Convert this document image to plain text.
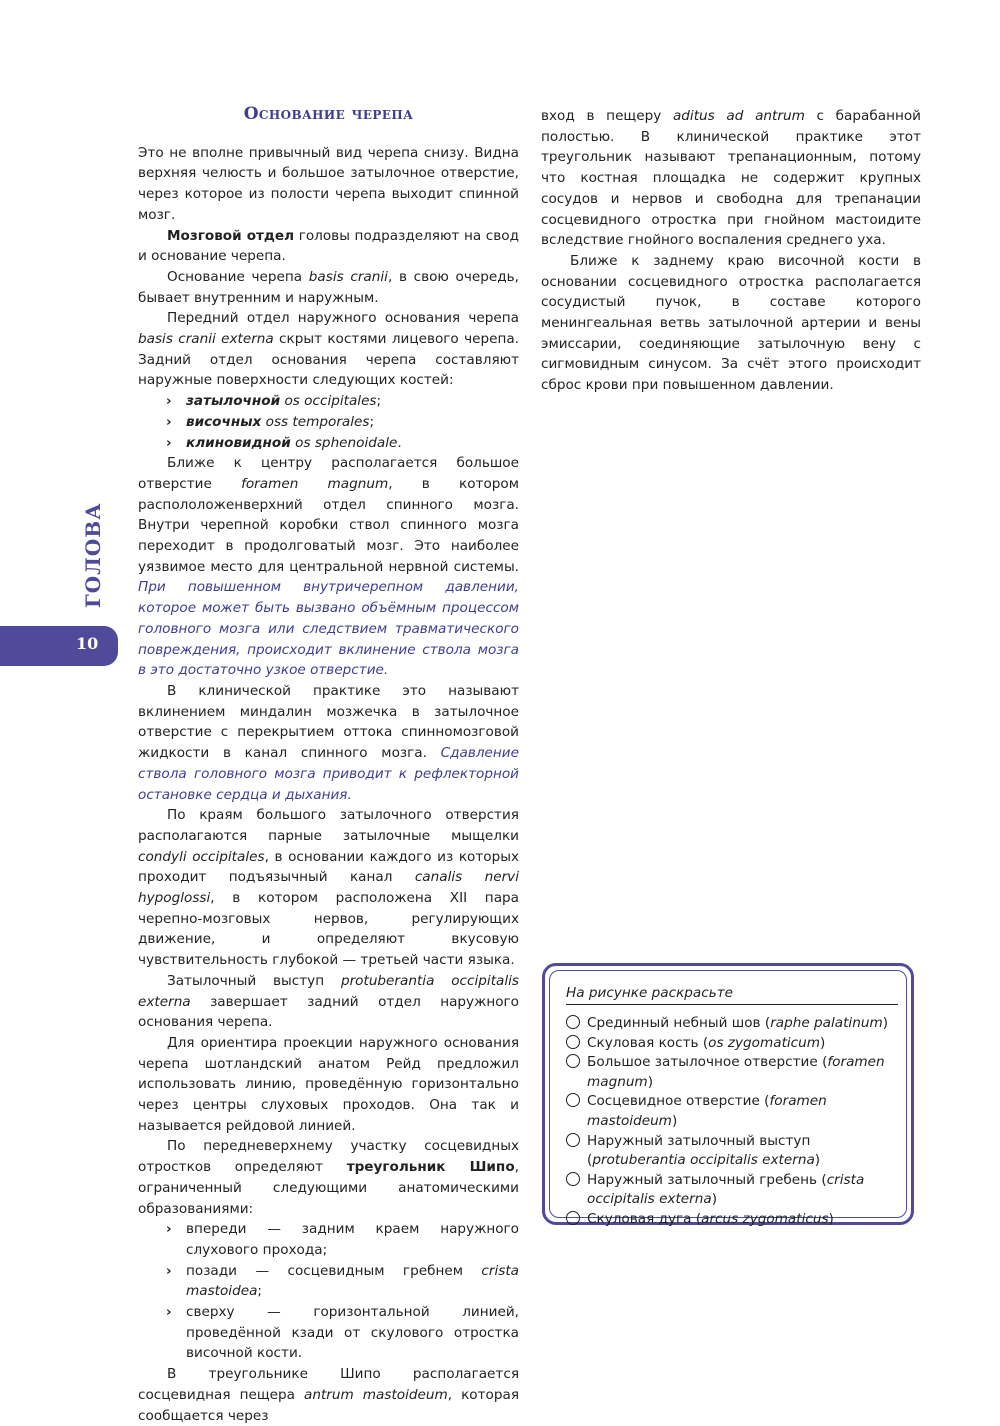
ГОЛОВА
10
Основание черепа

Это не вполне привычный вид черепа снизу. Видна верхняя челюсть и большое затылочное отверстие, через которое из полости черепа выходит спинной мозг.

Мозговой отдел головы подразделяют на свод и основание черепа.

Основание черепа basis cranii, в свою очередь, бывает внутренним и наружным.

Передний отдел наружного основания черепа basis cranii externa скрыт костями лицевого черепа. Задний отдел основания черепа составляют наружные поверхности следующих костей:

›	затылочной os occipitales;
›	височных oss temporales;
›	клиновидной os sphenoidale.

Ближе к центру располагается большое отверстие foramen magnum, в котором распололоженверхний отдел спинного мозга. Внутри черепной коробки ствол спинного мозга переходит в продолговатый мозг. Это наиболее уязвимое место для центральной нервной системы. При повышенном внутричерепном давлении, которое может быть вызвано объёмным процессом головного мозга или следствием травматического повреждения, происходит вклинение ствола мозга в это достаточно узкое отверстие.

В клинической практике это называют вклинением миндалин мозжечка в затылочное отверстие с перекрытием оттока спинномозговой жидкости в канал спинного мозга. Сдавление ствола головного мозга приводит к рефлекторной остановке сердца и дыхания.

По краям большого затылочного отверстия располагаются парные затылочные мыщелки condyli occipitales, в основании каждого из которых проходит подъязычный канал canalis nervi hypoglossi, в котором расположена XII пара черепно-мозговых нервов, регулирующих движение, и определяют вкусовую чувствительность глубокой — третьей части языка.

Затылочный выступ protuberantia occipitalis externa завершает задний отдел наружного основания черепа.

Для ориентира проекции наружного основания черепа шотландский анатом Рейд предложил использовать линию, проведённую горизонтально через центры слуховых проходов. Она так и называется рейдовой линией.

По передневерхнему участку сосцевидных отростков определяют треугольник Шипо, ограниченный следующими анатомическими образованиями:

›	впереди — задним краем наружного слухового прохода;
›	позади — сосцевидным гребнем crista mastoidea;
›	сверху — горизонтальной линией, проведённой кзади от скулового отростка височной кости.

В треугольнике Шипо располагается сосцевидная пещера antrum mastoideum, которая сообщается через

вход в пещеру aditus ad antrum с барабанной полостью. В клинической практике этот треугольник называют трепанационным, потому что костная площадка не содержит крупных сосудов и нервов и свободна для трепанации сосцевидного отростка при гнойном мастоидите вследствие гнойного воспаления среднего уха.

Ближе к заднему краю височной кости в основании сосцевидного отростка располагается сосудистый пучок, в составе которого менингеальная ветвь затылочной артерии и вены эмиссарии, соединяющие затылочную вену с сигмовидным синусом. За счёт этого происходит сброс крови при повышенном давлении.

На рисунке раскрасьте
Срединный небный шов (raphe palatinum)
Скуловая кость (os zygomaticum)
Большое затылочное отверстие (foramen magnum)
Сосцевидное отверстие (foramen mastoideum)
Наружный затылочный выступ (protuberantia occipitalis externa)
Наружный затылочный гребень (crista occipitalis externa)
Скуловая дуга (arcus zygomaticus)
